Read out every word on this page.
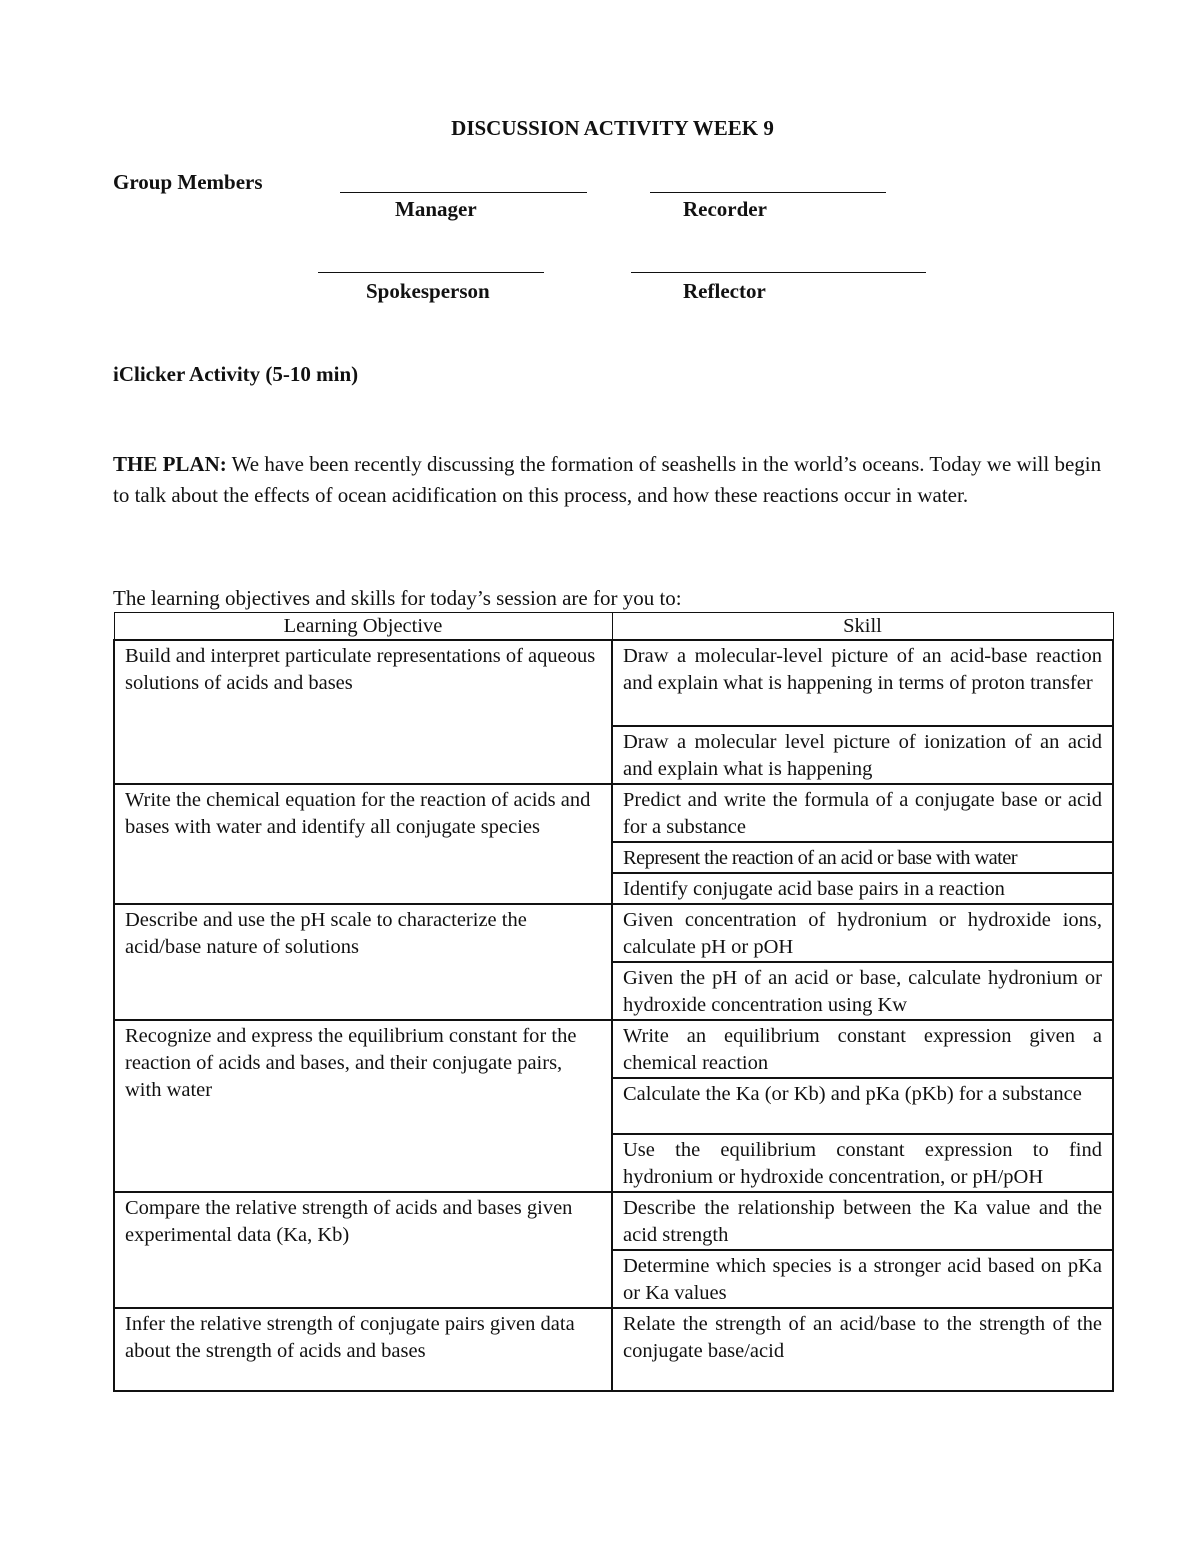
DISCUSSION ACTIVITY WEEK 9
Group Members
Manager	Recorder
Spokesperson	Reflector
iClicker Activity (5-10 min)
THE PLAN: We have been recently discussing the formation of seashells in the world’s oceans. Today we will begin to talk about the effects of ocean acidification on this process, and how these reactions occur in water.
The learning objectives and skills for today’s session are for you to:
Learning Objective	Skill
Build and interpret particulate representations of aqueous solutions of acids and bases	Draw a molecular-level picture of an acid-base reaction and explain what is happening in terms of proton transfer
	Draw a molecular level picture of ionization of an acid and explain what is happening
Write the chemical equation for the reaction of acids and bases with water and identify all conjugate species	Predict and write the formula of a conjugate base or acid for a substance
	Represent the reaction of an acid or base with water
	Identify conjugate acid base pairs in a reaction
Describe and use the pH scale to characterize the acid/base nature of solutions	Given concentration of hydronium or hydroxide ions, calculate pH or pOH
	Given the pH of an acid or base, calculate hydronium or hydroxide concentration using Kw
Recognize and express the equilibrium constant for the reaction of acids and bases, and their conjugate pairs, with water	Write an equilibrium constant expression given a chemical reaction
	Calculate the Ka (or Kb) and pKa (pKb) for a substance
	Use the equilibrium constant expression to find hydronium or hydroxide concentration, or pH/pOH
Compare the relative strength of acids and bases given experimental data (Ka, Kb)	Describe the relationship between the Ka value and the acid strength
	Determine which species is a stronger acid based on pKa or Ka values
Infer the relative strength of conjugate pairs given data about the strength of acids and bases	Relate the strength of an acid/base to the strength of the conjugate base/acid
